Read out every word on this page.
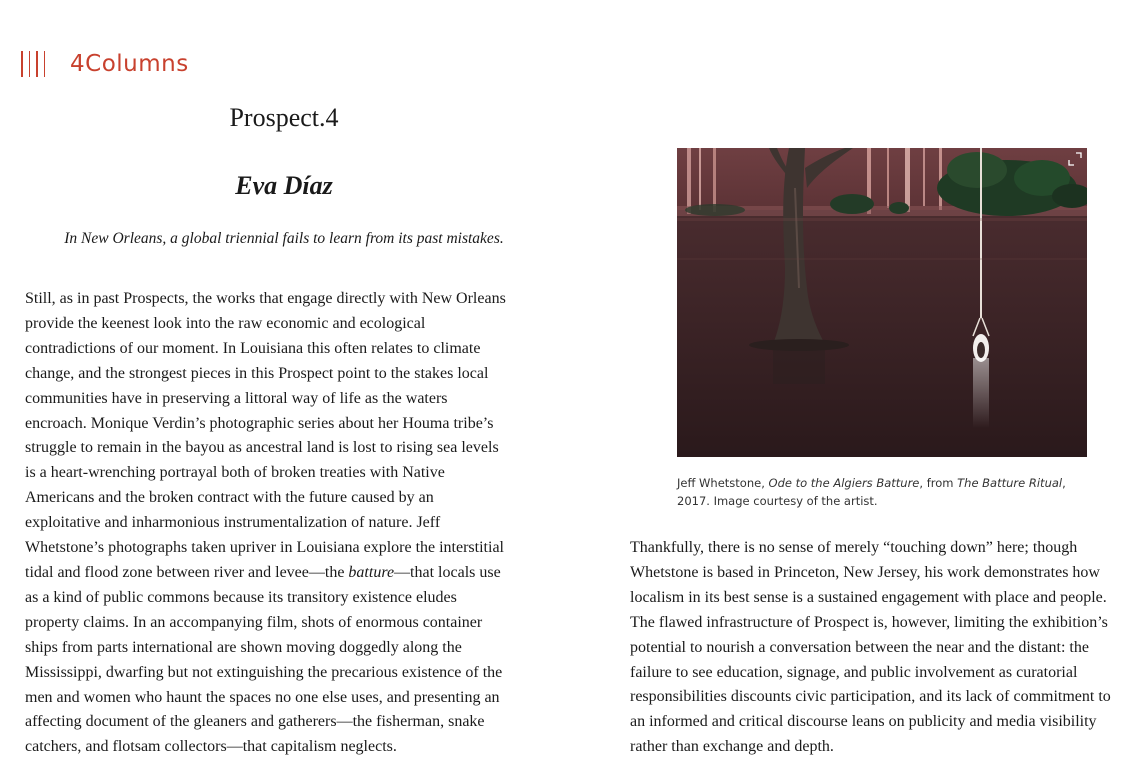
4Columns
Prospect.4
Eva Díaz

In New Orleans, a global triennial fails to learn from its past mistakes.

Still, as in past Prospects, the works that engage directly with New Orleans
provide the keenest look into the raw economic and ecological
contradictions of our moment. In Louisiana this often relates to climate
change, and the strongest pieces in this Prospect point to the stakes local
communities have in preserving a littoral way of life as the waters
encroach. Monique Verdin’s photographic series about her Houma tribe’s
struggle to remain in the bayou as ancestral land is lost to rising sea levels
is a heart-wrenching portrayal both of broken treaties with Native
Americans and the broken contract with the future caused by an
exploitative and inharmonious instrumentalization of nature. Jeff
Whetstone’s photographs taken upriver in Louisiana explore the interstitial
tidal and flood zone between river and levee—the batture—that locals use
as a kind of public commons because its transitory existence eludes
property claims. In an accompanying film, shots of enormous container
ships from parts international are shown moving doggedly along the
Mississippi, dwarfing but not extinguishing the precarious existence of the
men and women who haunt the spaces no one else uses, and presenting an
affecting document of the gleaners and gatherers—the fisherman, snake
catchers, and flotsam collectors—that capitalism neglects.

Jeff Whetstone, Ode to the Algiers Batture, from The Batture Ritual,
2017. Image courtesy of the artist.

Thankfully, there is no sense of merely “touching down” here; though
Whetstone is based in Princeton, New Jersey, his work demonstrates how
localism in its best sense is a sustained engagement with place and people.
The flawed infrastructure of Prospect is, however, limiting the exhibition’s
potential to nourish a conversation between the near and the distant: the
failure to see education, signage, and public involvement as curatorial
responsibilities discounts civic participation, and its lack of commitment to
an informed and critical discourse leans on publicity and media visibility
rather than exchange and depth.
